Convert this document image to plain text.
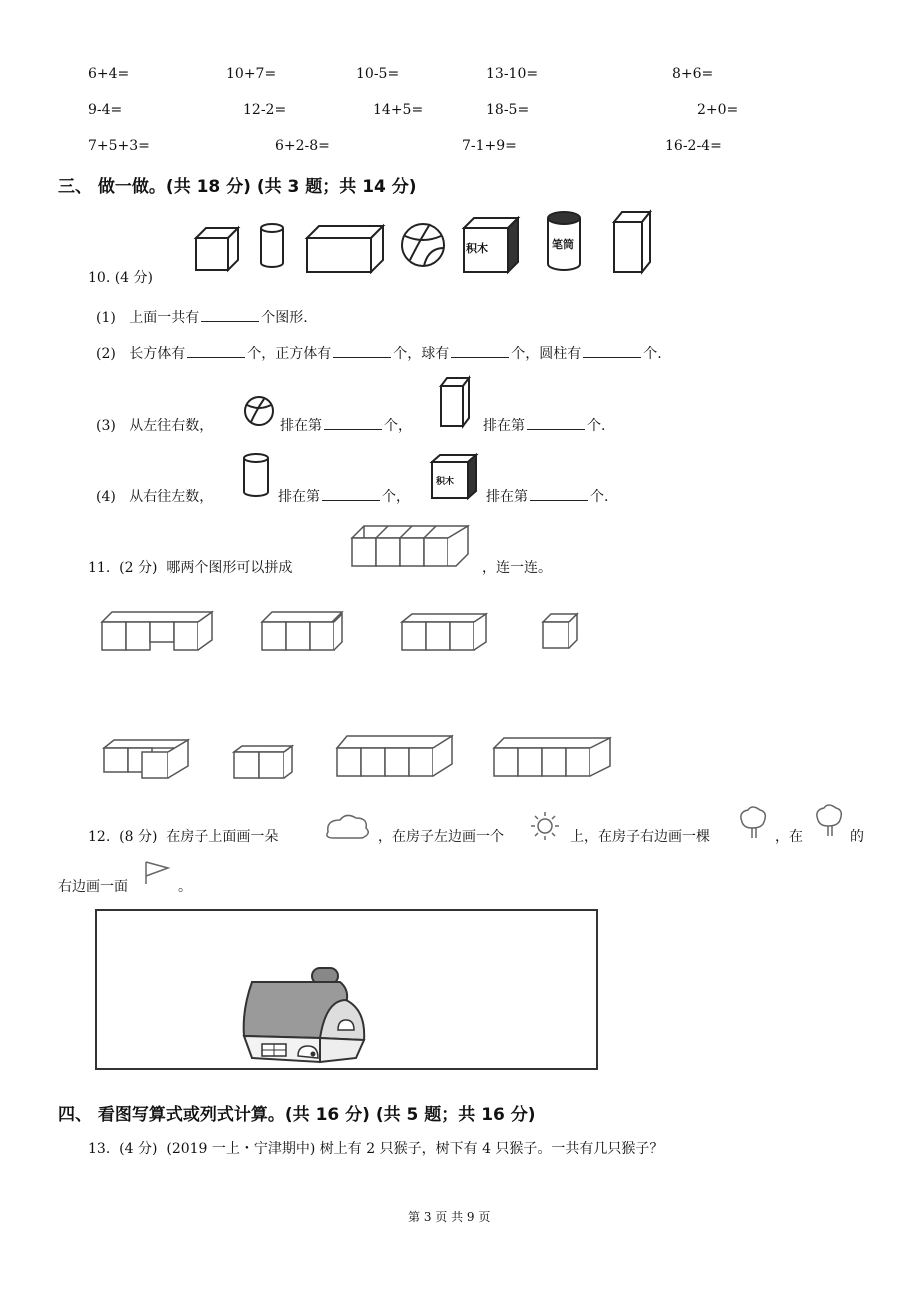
6+4=	10+7=	10-5=	13-10=	8+6=
9-4=	12-2=	14+5=	18-5=	2+0=
7+5+3=	6+2-8=	7-1+9=	16-2-4=
三、 做一做。(共 18 分) (共 3 题；共 14 分)
10. (4 分)
积木	笔筒
(1) 上面一共有	个图形.
(2) 长方体有	个，正方体有	个，球有	个，圆柱有	个.
(3) 从左往右数，	排在第	个，	排在第	个.
(4) 从右往左数，	排在第	个，	排在第	个.
积木
11. (2 分) 哪两个图形可以拼成	，连一连。
12. (8 分) 在房子上面画一朵	，在房子左边画一个	上，在房子右边画一棵	，在	的
右边画一面	。
四、 看图写算式或列式计算。(共 16 分) (共 5 题；共 16 分)
13. (4 分) (2019 一上・宁津期中) 树上有 2 只猴子，树下有 4 只猴子。一共有几只猴子？
第 3 页 共 9 页
